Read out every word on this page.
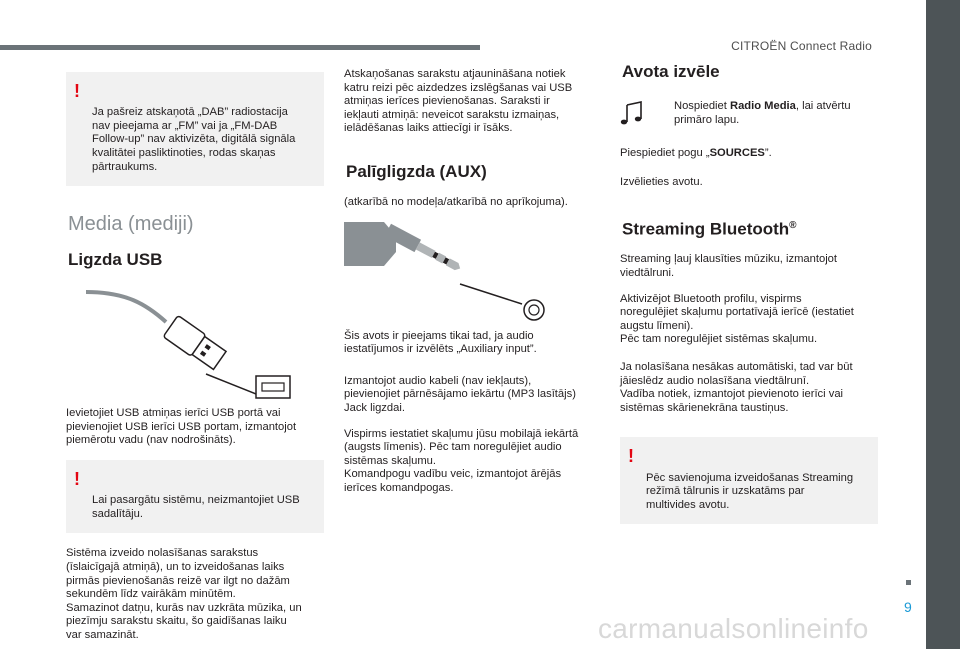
CITROËN Connect Radio
9
carmanualsonlineinfo

!

Ja pašreiz atskaņotā „DAB” radiostacija
nav pieejama ar „FM” vai ja „FM-DAB
Follow-up” nav aktivizēta, digitālā signāla
kvalitātei pasliktinoties, rodas skaņas
pārtraukums.

Media (mediji)
Ligzda USB

Ievietojiet USB atmiņas ierīci USB portā vai
pievienojiet USB ierīci USB portam, izmantojot
piemērotu vadu (nav nodrošināts).

!

Lai pasargātu sistēmu, neizmantojiet USB
sadalītāju.

Sistēma izveido nolasīšanas sarakstus
(īslaicīgajā atmiņā), un to izveidošanas laiks
pirmās pievienošanās reizē var ilgt no dažām
sekundēm līdz vairākām minūtēm.
Samazinot datņu, kurās nav uzkrāta mūzika, un
piezīmju sarakstu skaitu, šo gaidīšanas laiku
var samazināt.

Atskaņošanas sarakstu atjaunināšana notiek
katru reizi pēc aizdedzes izslēgšanas vai USB
atmiņas ierīces pievienošanas. Saraksti ir
iekļauti atmiņā: neveicot sarakstu izmaiņas,
ielādēšanas laiks attiecīgi ir īsāks.

Palīgligzda (AUX)

(atkarībā no modeļa/atkarībā no aprīkojuma).

Šis avots ir pieejams tikai tad, ja audio
iestatījumos ir izvēlēts „Auxiliary input”.

Izmantojot audio kabeli (nav iekļauts),
pievienojiet pārnēsājamo iekārtu (MP3 lasītājs)
Jack ligzdai.

Vispirms iestatiet skaļumu jūsu mobilajā iekārtā
(augsts līmenis). Pēc tam noregulējiet audio
sistēmas skaļumu.
Komandpogu vadību veic, izmantojot ārējās
ierīces komandpogas.

Avota izvēle

Nospiediet Radio Media, lai atvērtu
primāro lapu.

Piespiediet pogu „SOURCES”.

Izvēlieties avotu.

Streaming Bluetooth®

Streaming ļauj klausīties mūziku, izmantojot
viedtālruni.

Aktivizējot Bluetooth profilu, vispirms
noregulējiet skaļumu portatīvajā ierīcē (iestatiet
augstu līmeni).
Pēc tam noregulējiet sistēmas skaļumu.

Ja nolasīšana nesākas automātiski, tad var būt
jāieslēdz audio nolasīšana viedtālrunī.
Vadība notiek, izmantojot pievienoto ierīci vai
sistēmas skārienekrāna taustiņus.

!

Pēc savienojuma izveidošanas Streaming
režīmā tālrunis ir uzskatāms par
multivides avotu.
